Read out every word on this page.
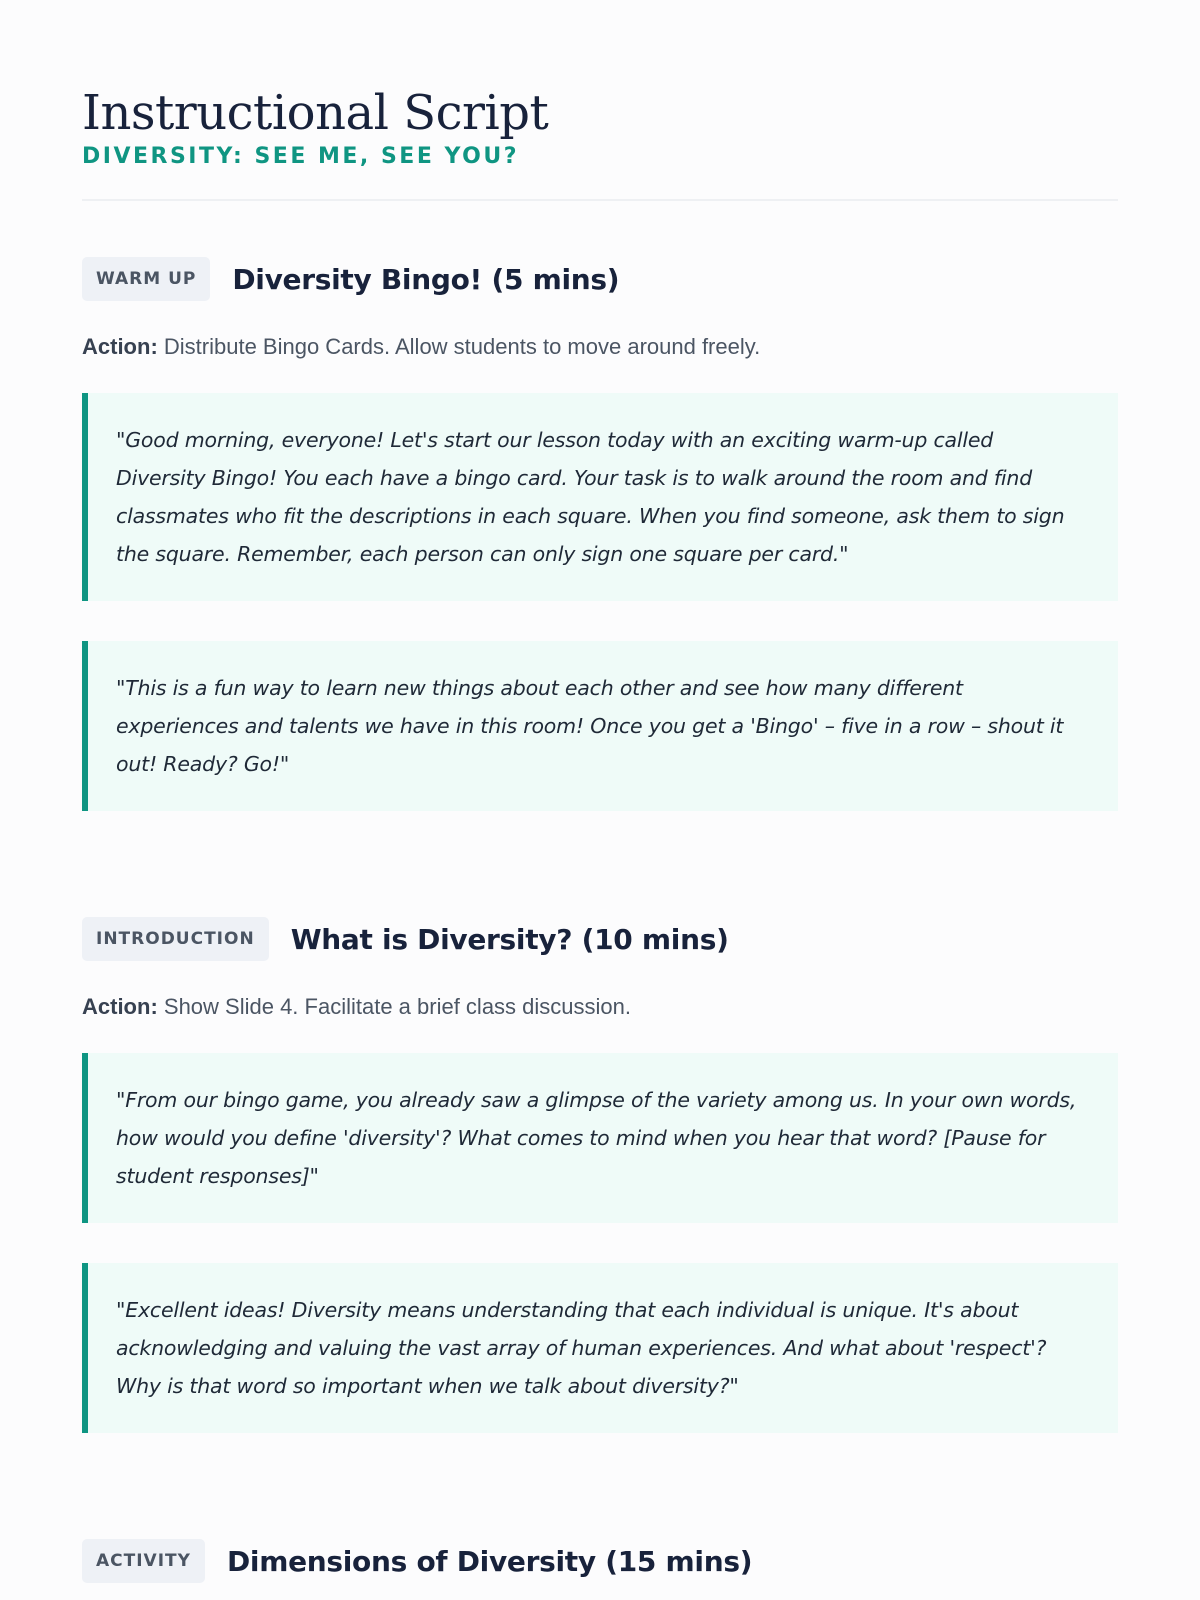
Instructional Script
DIVERSITY: SEE ME, SEE YOU?
WARM UP	Diversity Bingo! (5 mins)
Action: Distribute Bingo Cards. Allow students to move around freely.
"Good morning, everyone! Let's start our lesson today with an exciting warm-up called Diversity Bingo! You each have a bingo card. Your task is to walk around the room and find classmates who fit the descriptions in each square. When you find someone, ask them to sign the square. Remember, each person can only sign one square per card."
"This is a fun way to learn new things about each other and see how many different experiences and talents we have in this room! Once you get a 'Bingo' – five in a row – shout it out! Ready? Go!"
INTRODUCTION	What is Diversity? (10 mins)
Action: Show Slide 4. Facilitate a brief class discussion.
"From our bingo game, you already saw a glimpse of the variety among us. In your own words, how would you define 'diversity'? What comes to mind when you hear that word? [Pause for student responses]"
"Excellent ideas! Diversity means understanding that each individual is unique. It's about acknowledging and valuing the vast array of human experiences. And what about 'respect'? Why is that word so important when we talk about diversity?"
ACTIVITY	Dimensions of Diversity (15 mins)
